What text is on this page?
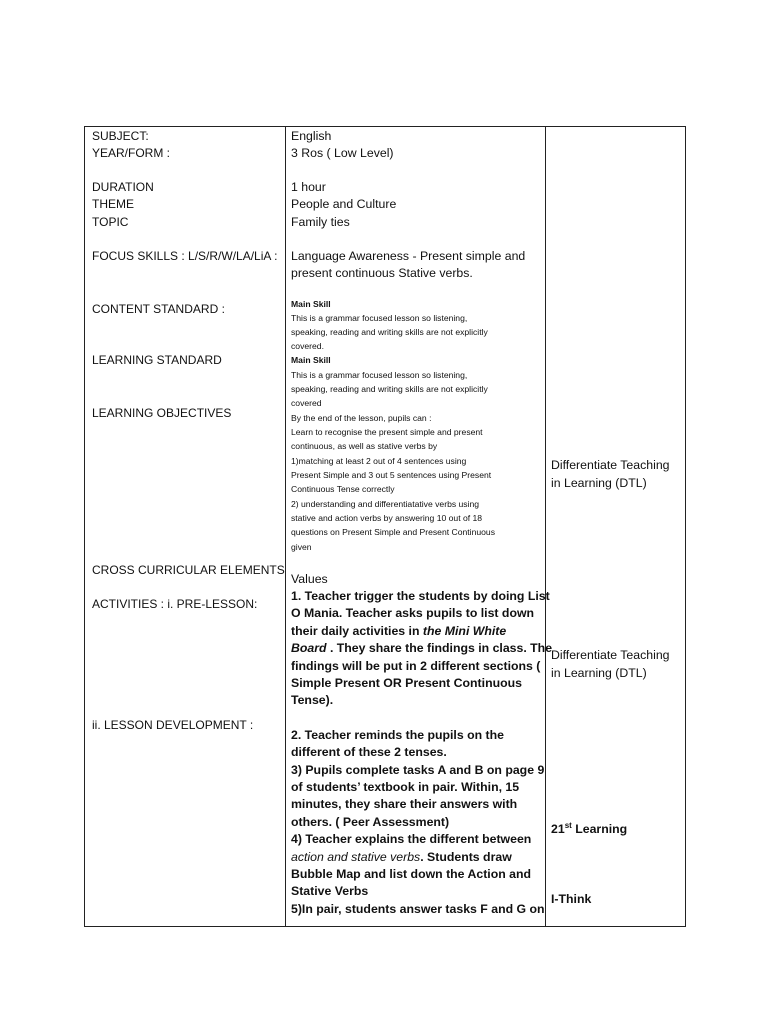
SUBJECT:
YEAR/FORM :
DURATION
THEME
TOPIC
FOCUS SKILLS : L/S/R/W/LA/LiA :
CONTENT STANDARD :
LEARNING STANDARD
LEARNING OBJECTIVES
CROSS CURRICULAR ELEMENTS
ACTIVITIES : i. PRE-LESSON:
ii. LESSON DEVELOPMENT :
English
3 Ros ( Low Level)
1 hour
People and Culture
Family ties
Language Awareness - Present simple and
present continuous Stative verbs.
Main Skill
This is a grammar focused lesson so listening,
speaking, reading and writing skills are not explicitly
covered.
Main Skill
This is a grammar focused lesson so listening,
speaking, reading and writing skills are not explicitly
covered
By the end of the lesson, pupils can :
Learn to recognise the present simple and present
continuous, as well as stative verbs by
1)matching at least 2 out of 4 sentences using
Present Simple and 3 out 5 sentences using Present
Continuous Tense correctly
2) understanding and differentiatative verbs using
stative and action verbs by answering 10 out of 18
questions on Present Simple and Present Continuous
given
Values
1. Teacher trigger the students by doing List
O Mania. Teacher asks pupils to list down
their daily activities in the Mini White
Board . They share the findings in class. The
findings will be put in 2 different sections (
Simple Present OR Present Continuous
Tense).
2. Teacher reminds the pupils on the
different of these 2 tenses.
3) Pupils complete tasks A and B on page 9
of students’ textbook in pair. Within, 15
minutes, they share their answers with
others. ( Peer Assessment)
4) Teacher explains the different between
action and stative verbs. Students draw
Bubble Map and list down the Action and
Stative Verbs
5)In pair, students answer tasks F and G on
Differentiate Teaching
in Learning (DTL)
Differentiate Teaching
in Learning (DTL)
21st Learning
I-Think
